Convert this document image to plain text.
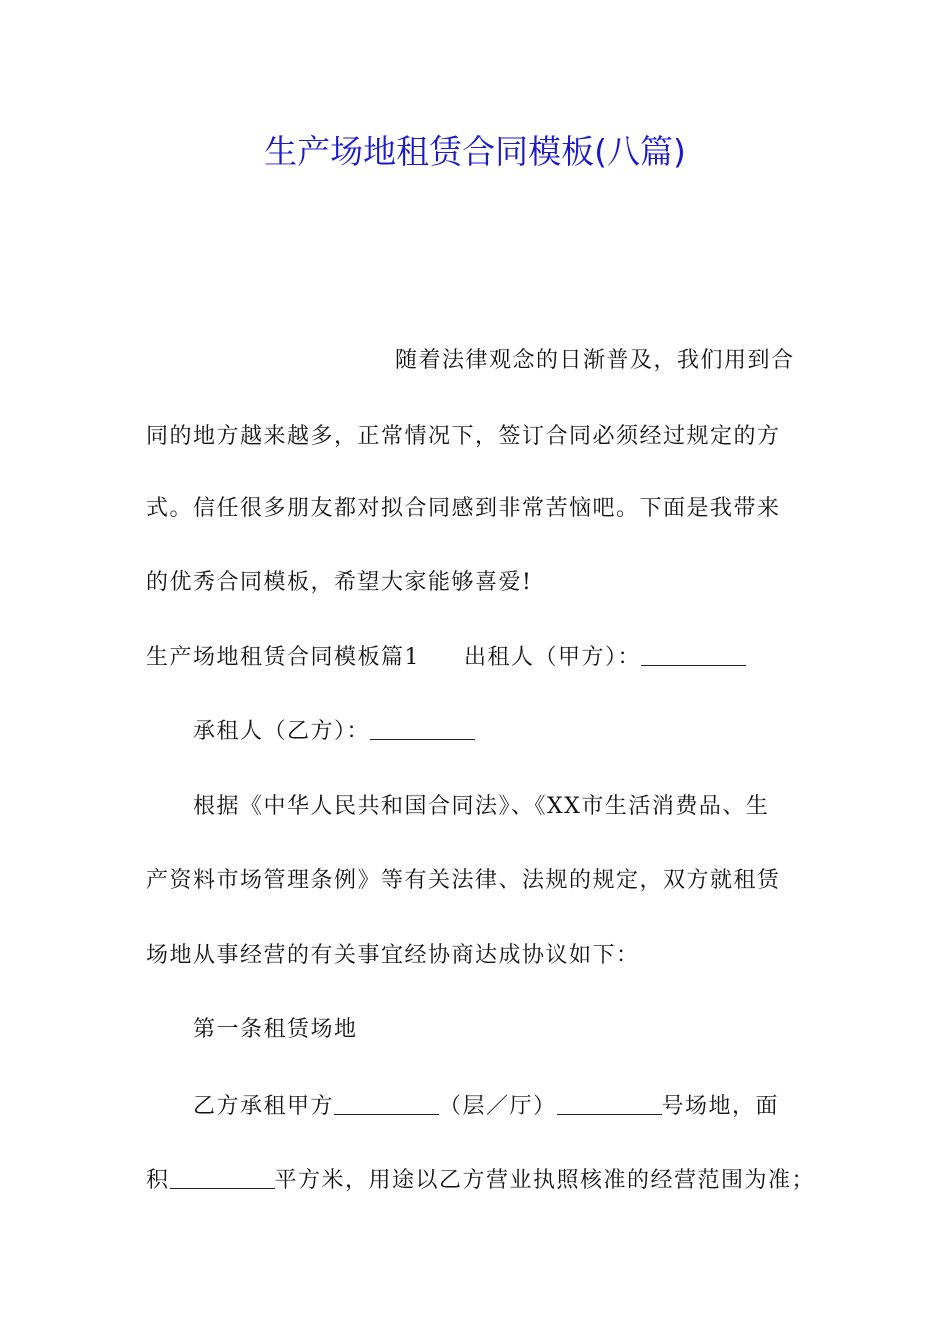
生产场地租赁合同模板(八篇)
随着法律观念的日渐普及，我们用到合
同的地方越来越多，正常情况下，签订合同必须经过规定的方
式。信任很多朋友都对拟合同感到非常苦恼吧。下面是我带来
的优秀合同模板，希望大家能够喜爱!
生产场地租赁合同模板篇1 出租人（甲方）：
承租人（乙方）：
根据《中华人民共和国合同法》、《XX市生活消费品、生
产资料市场管理条例》等有关法律、法规的规定，双方就租赁
场地从事经营的有关事宜经协商达成协议如下：
第一条租赁场地
乙方承租甲方	（层／厅）	号场地，面
积	平方米，用途以乙方营业执照核准的经营范围为准；
